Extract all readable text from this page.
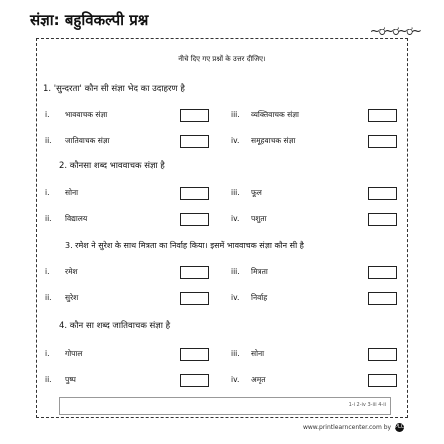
संज्ञा: बहुविकल्पी प्रश्न
~ರ~ರ~ರ~
नीचे दिए गए प्रश्नों के उत्तर दीजिए।
1. 'सुन्दरता' कौन सी संज्ञा भेद का उदाहरण है
i. भाववाचक संज्ञा	iii. व्यक्तिवाचक संज्ञा
ii. जातिवाचक संज्ञा	iv. समूहवाचक संज्ञा
2. कौनसा शब्द भाववाचक संज्ञा है
i. सोना	iii. फूल
ii. विद्यालय	iv. पशुता
3. रमेश ने सुरेश के साथ मित्रता का निर्वाह किया। इसमें भाववाचक संज्ञा कौन सी है
i. रमेश	iii. मित्रता
ii. सुरेश	iv. निर्वाह
4. कौन सा शब्द जातिवाचक संज्ञा है
i. गोपाल	iii. सोना
ii. पुष्प	iv. अमृत
1-i 2-iv 3-iii 4-ii
www.printlearncenter.com by PLC
